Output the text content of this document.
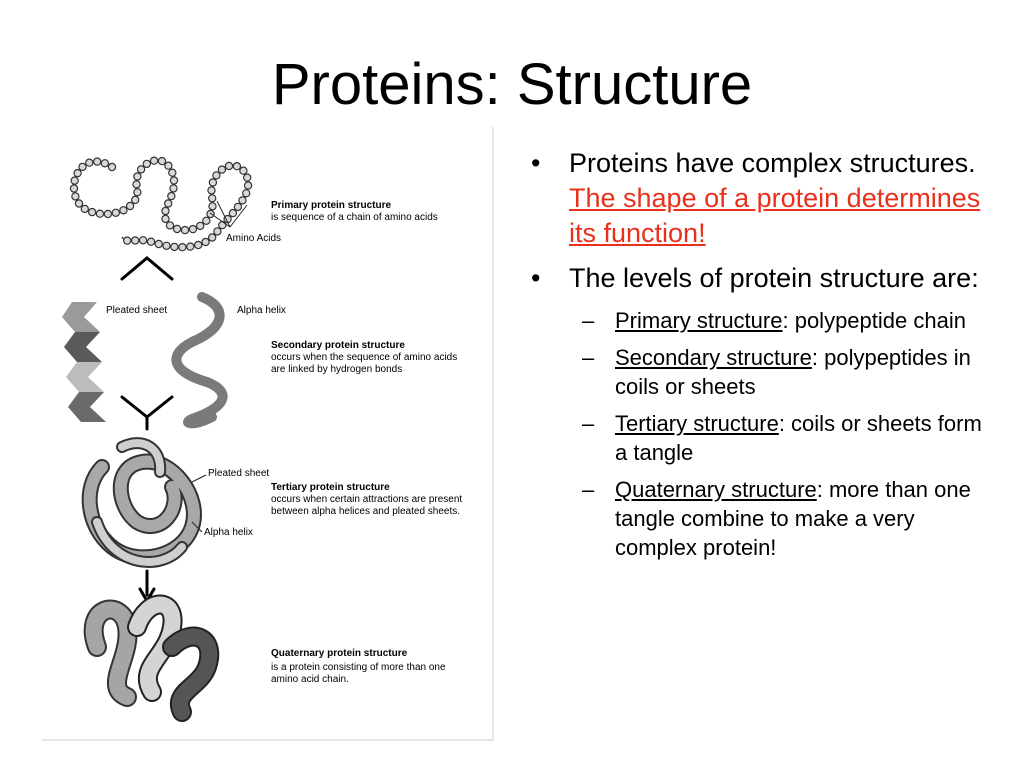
Proteins: Structure
Primary protein structure
is sequence of a chain of amino acids
Amino Acids
Pleated sheet	Alpha helix
Secondary protein structure
occurs when the sequence of amino acids
are linked by hydrogen bonds
Pleated sheet
Tertiary protein structure
occurs when certain attractions are present
between alpha helices and pleated sheets.
Alpha helix
Quaternary protein structure
is a protein consisting of more than one
amino acid chain.
• Proteins have complex structures.  The shape of a protein determines its function!
• The levels of protein structure are:
– Primary structure: polypeptide chain
– Secondary structure: polypeptides in coils or sheets
– Tertiary structure: coils or sheets form a tangle
– Quaternary structure: more than one tangle combine to make a very complex protein!
